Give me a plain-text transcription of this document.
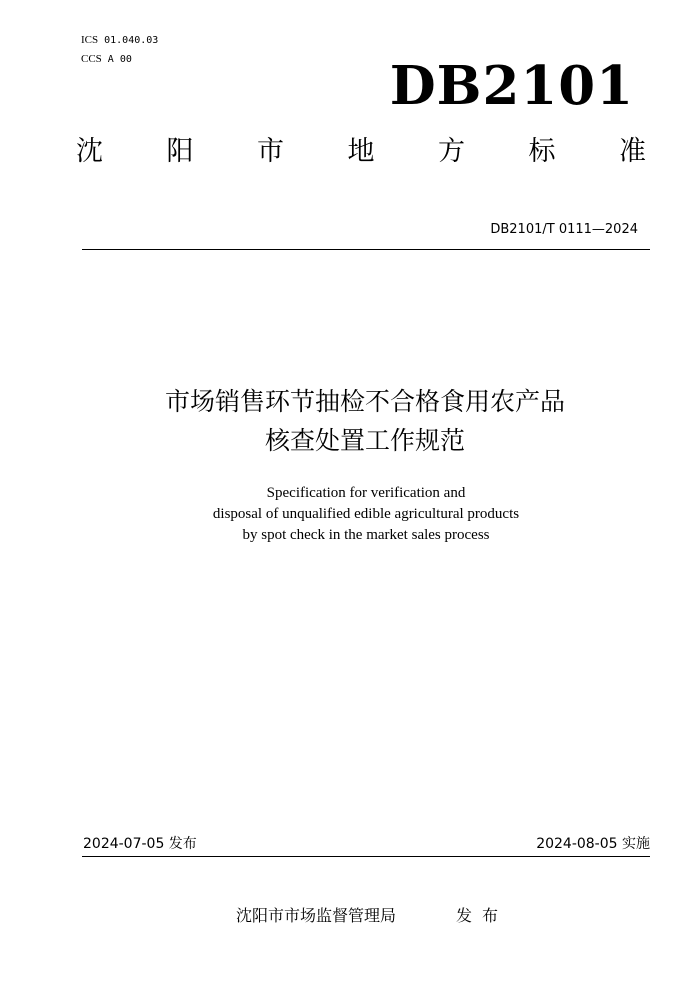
ICS 01.040.03
CCS A 00	DB2101
沈 阳 市 地 方 标 准
DB2101/T 0111—2024
市场销售环节抽检不合格食用农产品
核查处置工作规范
Specification for verification and
disposal of unqualified edible agricultural products
by spot check in the market sales process
2024-07-05 发布	2024-08-05 实施
沈阳市市场监督管理局	发布
